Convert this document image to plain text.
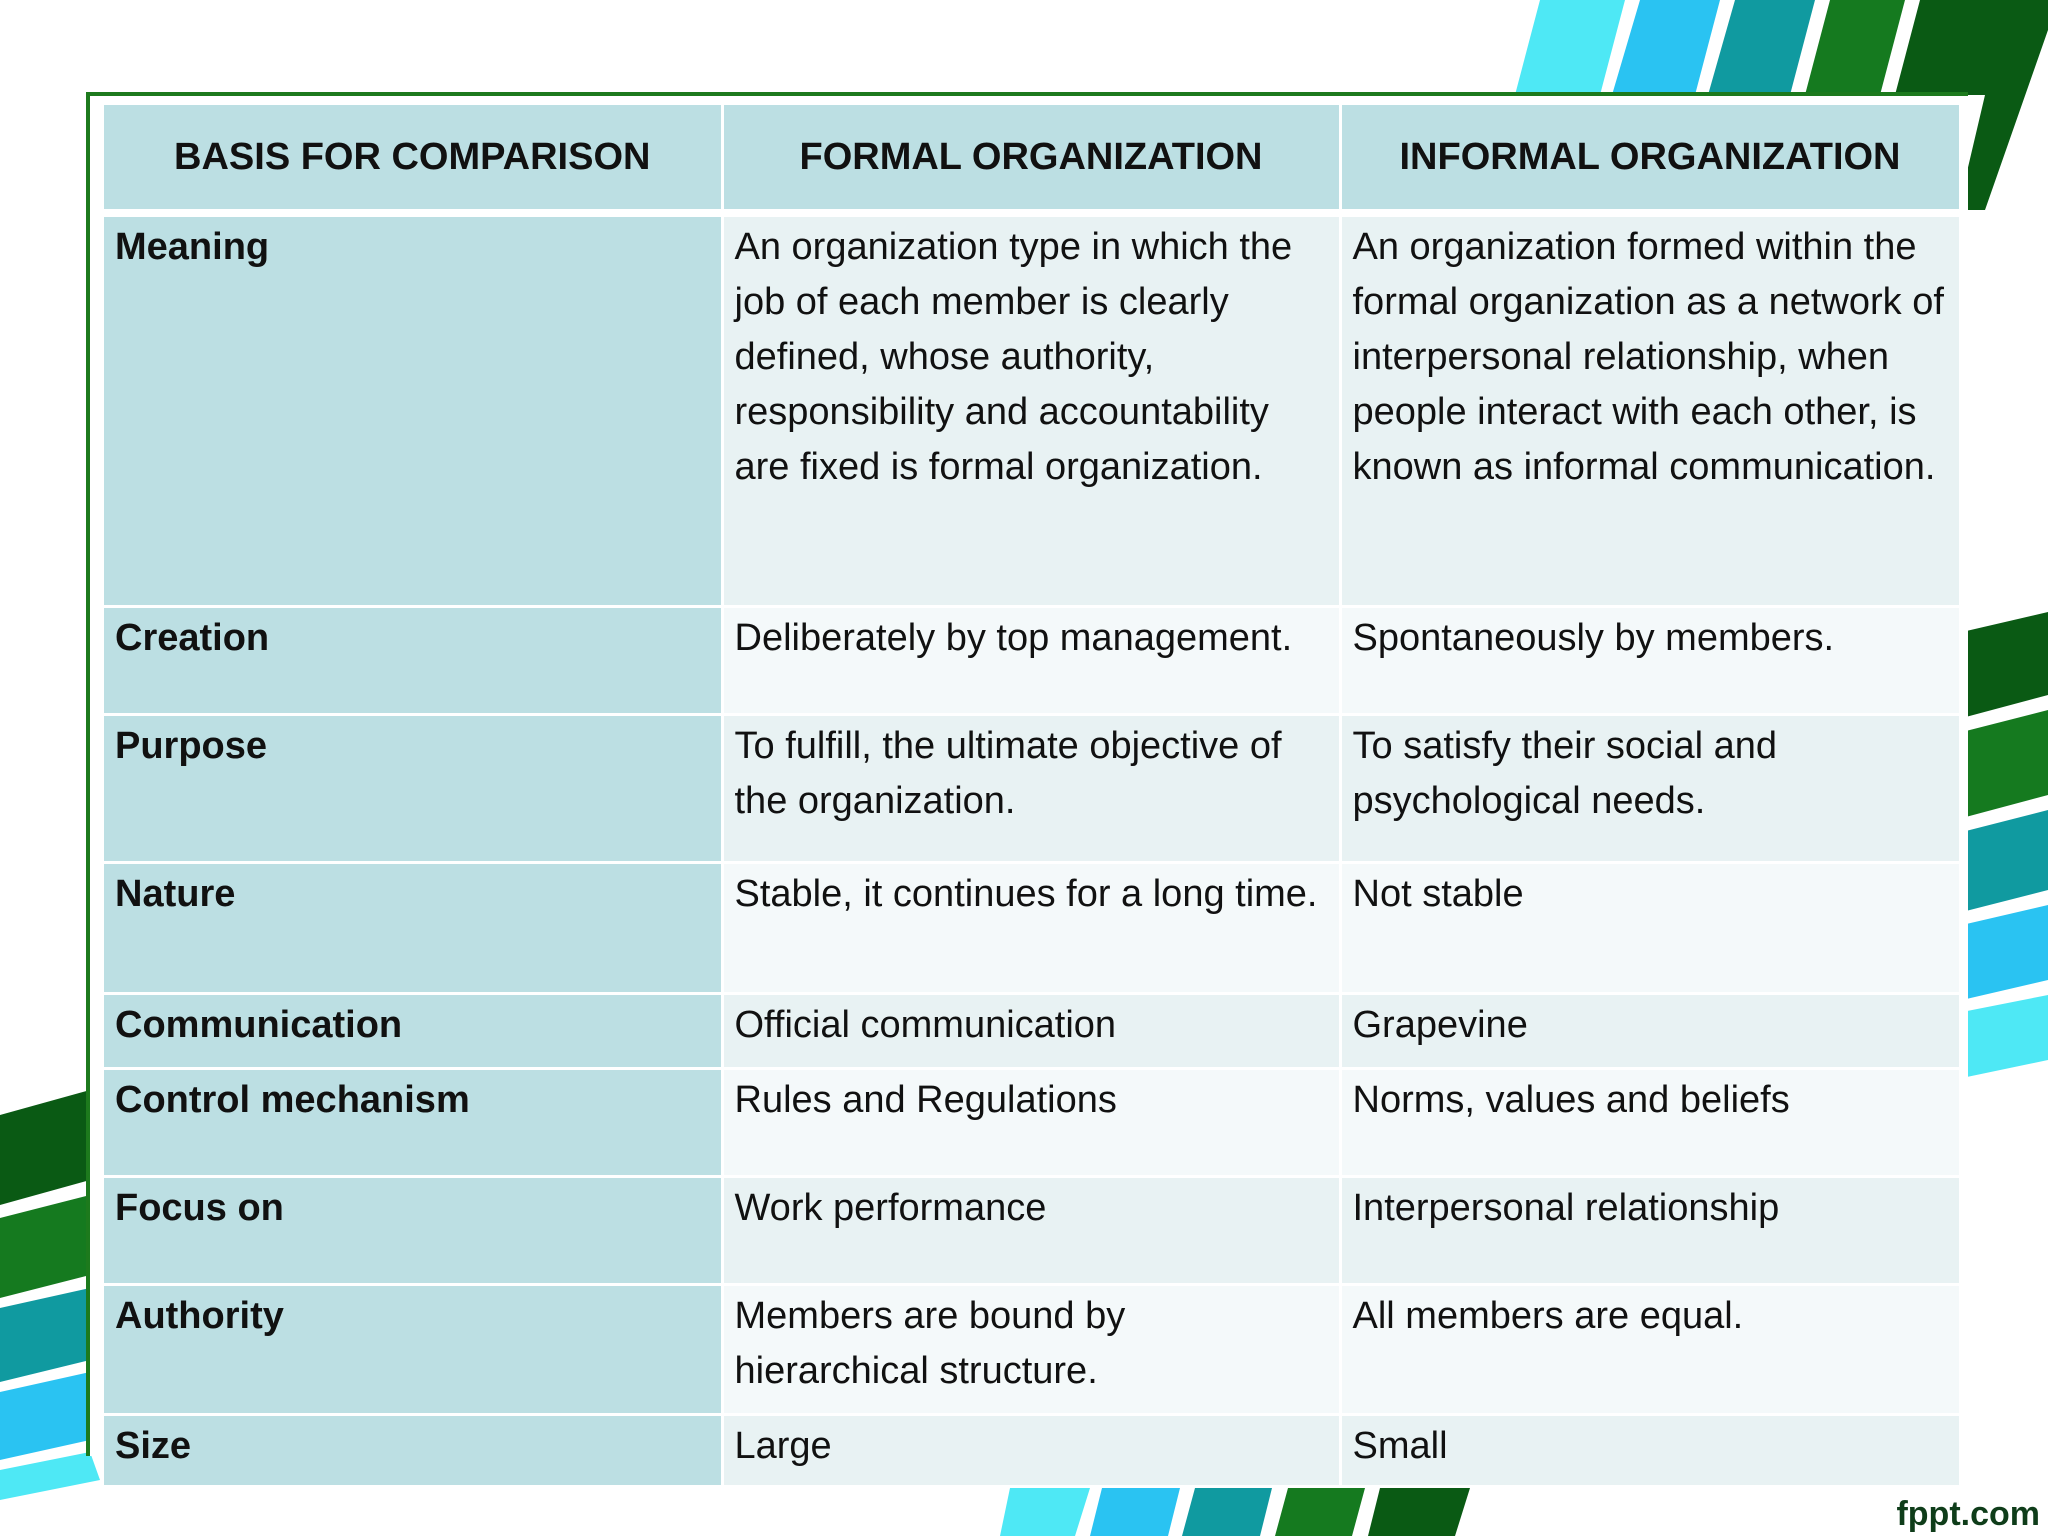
BASIS FOR COMPARISON	FORMAL ORGANIZATION	INFORMAL ORGANIZATION

Meaning	An organization type in which the job of each member is clearly defined, whose authority, responsibility and accountability are fixed is formal organization.	An organization formed within the formal organization as a network of interpersonal relationship, when people interact with each other, is known as informal communication.

Creation	Deliberately by top management.	Spontaneously by members.

Purpose	To fulfill, the ultimate objective of the organization.	To satisfy their social and psychological needs.

Nature	Stable, it continues for a long time.	Not stable

Communication	Official communication	Grapevine

Control mechanism	Rules and Regulations	Norms, values and beliefs

Focus on	Work performance	Interpersonal relationship

Authority	Members are bound by hierarchical structure.	All members are equal.

Size	Large	Small
fppt.com
